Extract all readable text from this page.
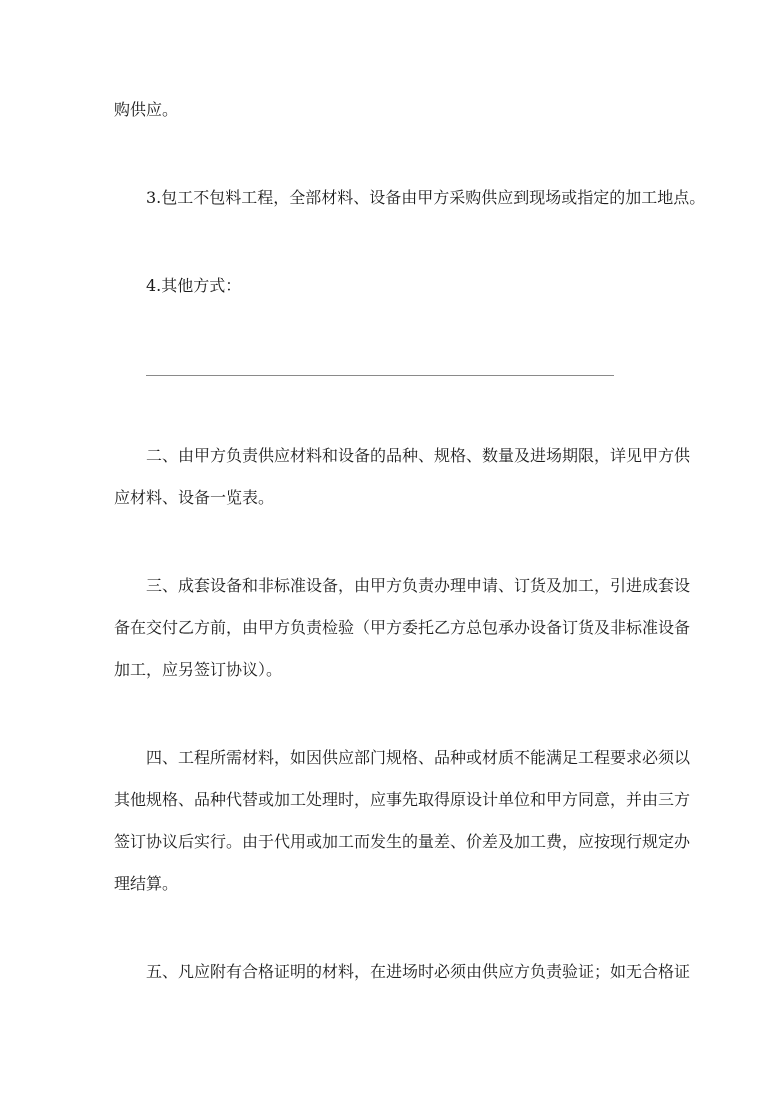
购供应。
3.包工不包料工程，全部材料、设备由甲方采购供应到现场或指定的加工地点。
4.其他方式：
二、由甲方负责供应材料和设备的品种、规格、数量及进场期限，详见甲方供
应材料、设备一览表。
三、成套设备和非标准设备，由甲方负责办理申请、订货及加工，引进成套设
备在交付乙方前，由甲方负责检验（甲方委托乙方总包承办设备订货及非标准设备
加工，应另签订协议）。
四、工程所需材料，如因供应部门规格、品种或材质不能满足工程要求必须以
其他规格、品种代替或加工处理时，应事先取得原设计单位和甲方同意，并由三方
签订协议后实行。由于代用或加工而发生的量差、价差及加工费，应按现行规定办
理结算。
五、凡应附有合格证明的材料，在进场时必须由供应方负责验证；如无合格证
